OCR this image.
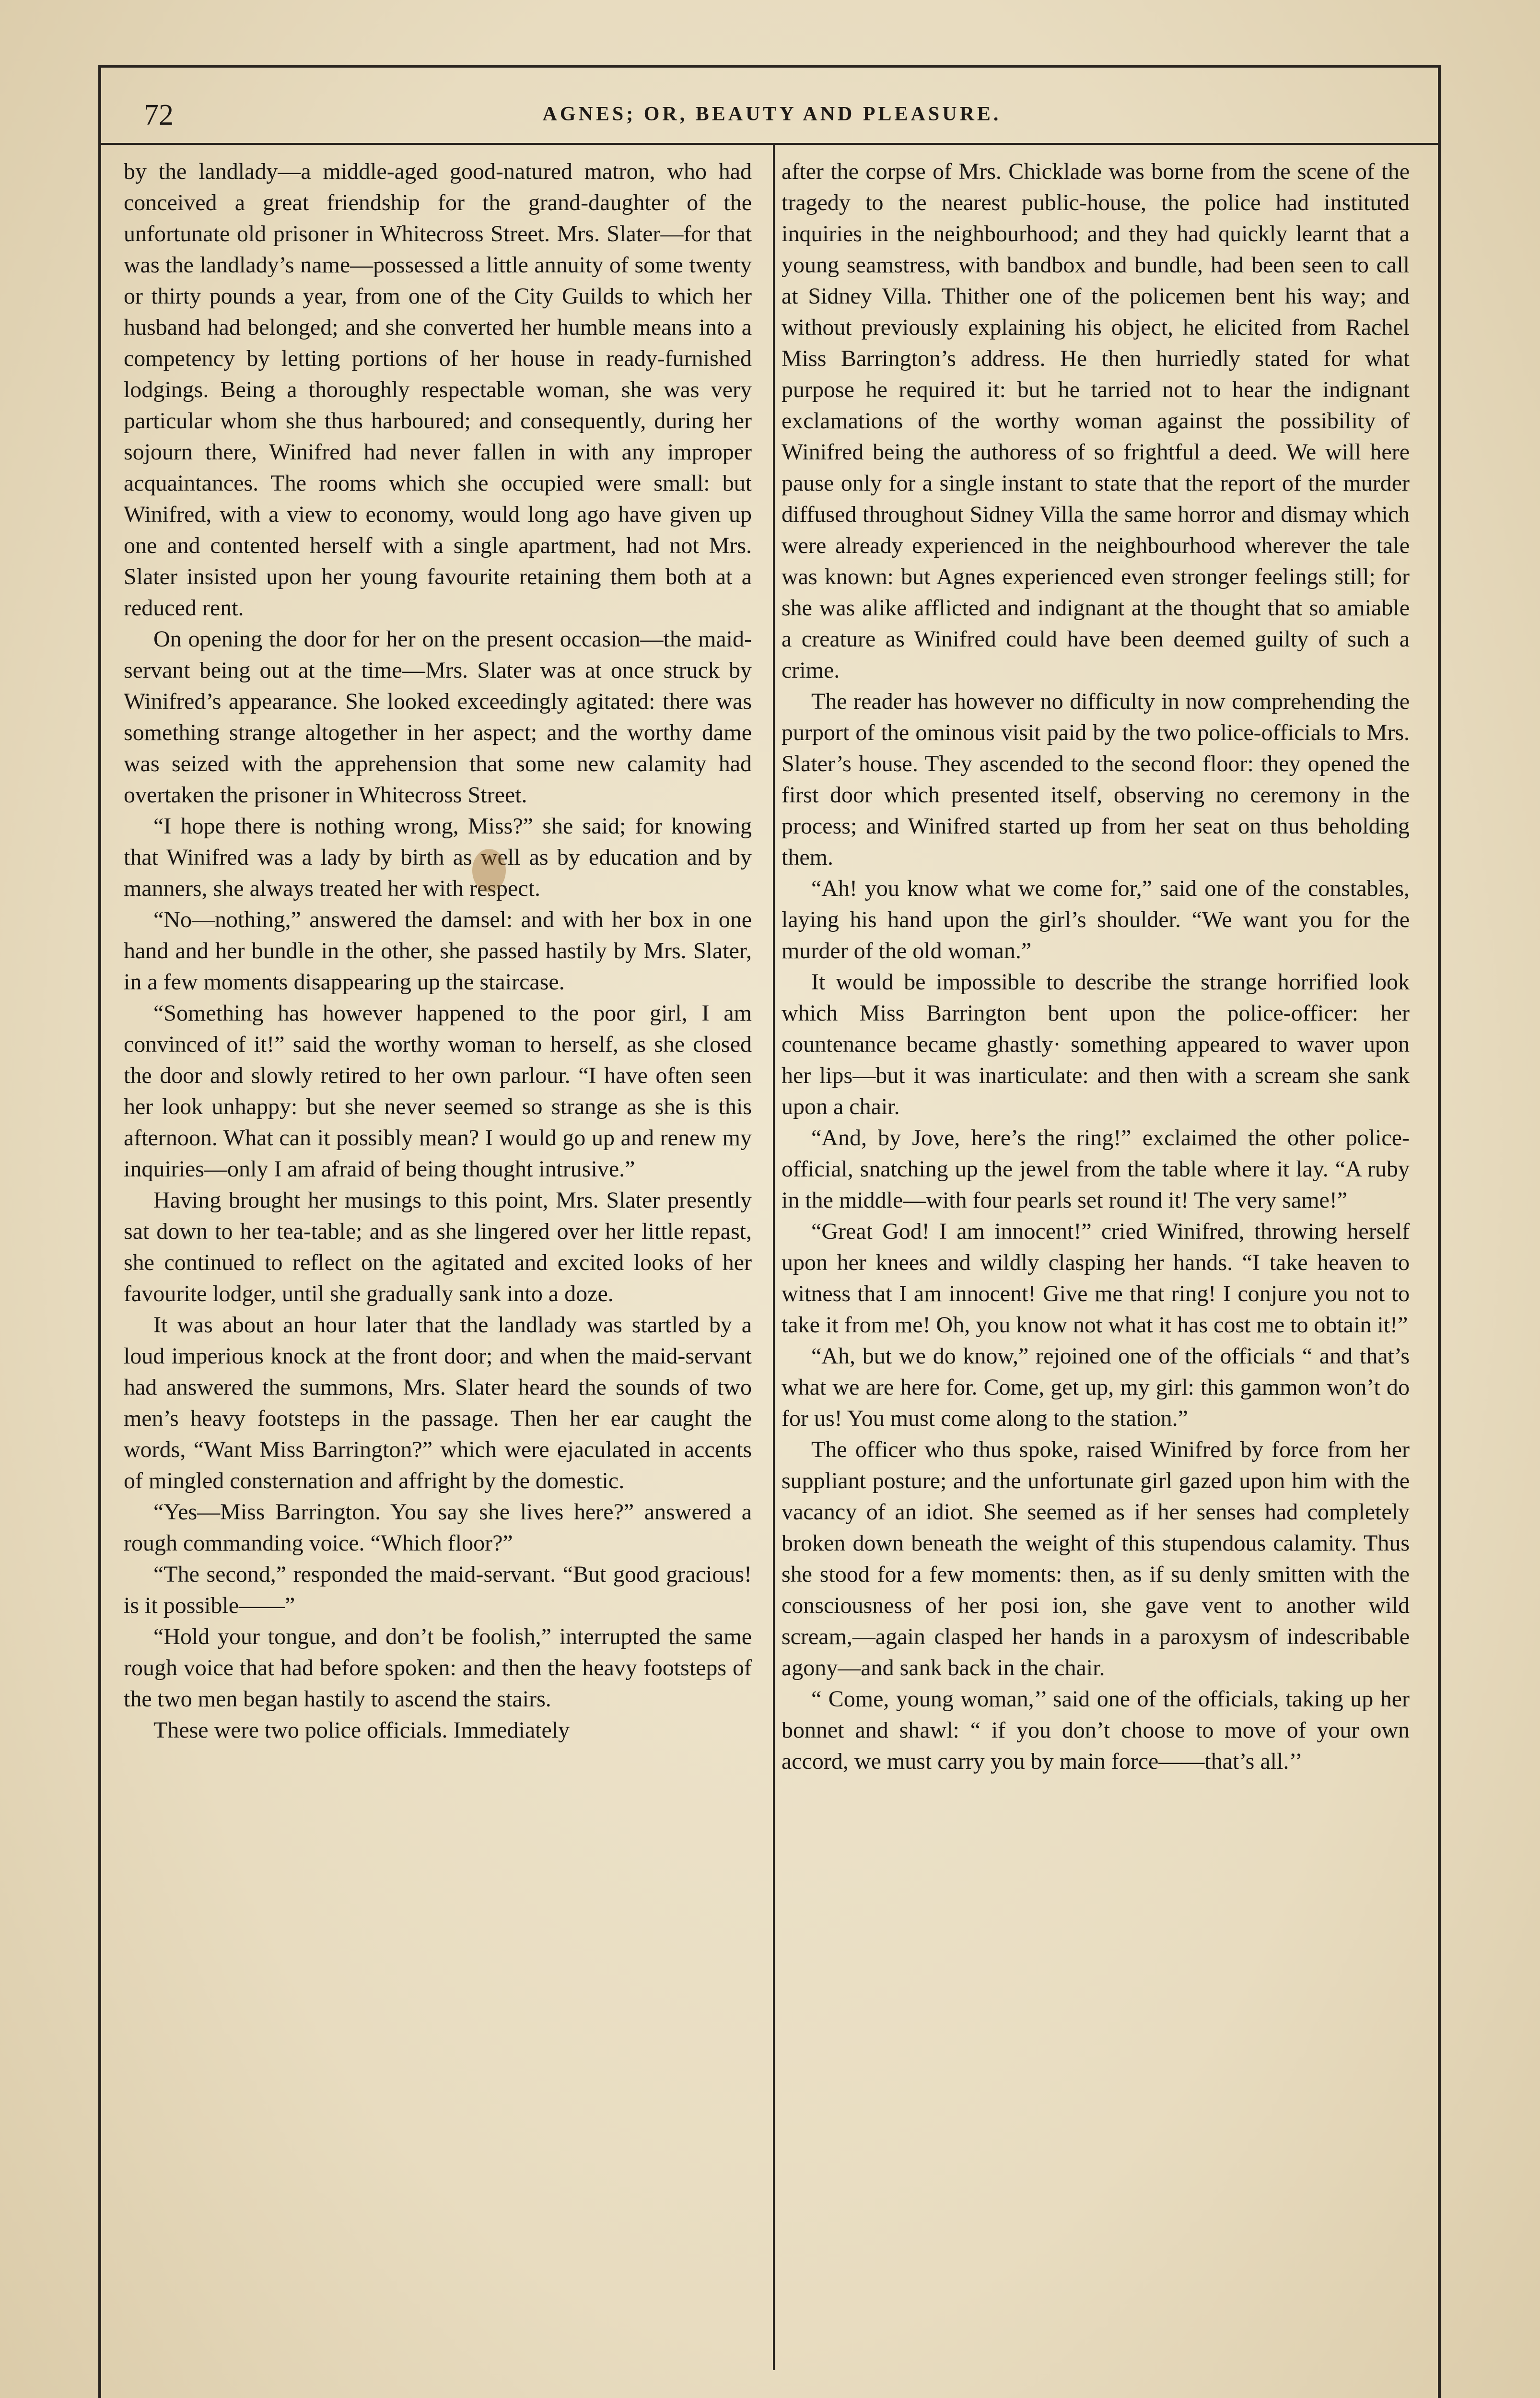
72	AGNES; OR, BEAUTY AND PLEASURE.

by the landlady—a middle-aged good-natured matron, who had conceived a great friendship for the grand-daughter of the unfortunate old prisoner in Whitecross Street. Mrs. Slater—for that was the landlady’s name—possessed a little annuity of some twenty or thirty pounds a year, from one of the City Guilds to which her husband had belonged; and she converted her humble means into a competency by letting portions of her house in ready-furnished lodgings. Being a thoroughly respectable woman, she was very particular whom she thus harboured; and consequently, during her sojourn there, Winifred had never fallen in with any improper acquaintances. The rooms which she occupied were small: but Winifred, with a view to economy, would long ago have given up one and contented herself with a single apartment, had not Mrs. Slater insisted upon her young favourite retaining them both at a reduced rent.

On opening the door for her on the present occasion—the maid-servant being out at the time—Mrs. Slater was at once struck by Winifred’s appearance. She looked exceedingly agitated: there was something strange altogether in her aspect; and the worthy dame was seized with the apprehension that some new calamity had overtaken the prisoner in Whitecross Street.

“I hope there is nothing wrong, Miss?” she said; for knowing that Winifred was a lady by birth as well as by education and by manners, she always treated her with respect.

“No—nothing,” answered the damsel: and with her box in one hand and her bundle in the other, she passed hastily by Mrs. Slater, in a few moments disappearing up the staircase.

“Something has however happened to the poor girl, I am convinced of it!” said the worthy woman to herself, as she closed the door and slowly retired to her own parlour. “I have often seen her look unhappy: but she never seemed so strange as she is this afternoon. What can it possibly mean? I would go up and renew my inquiries—only I am afraid of being thought intrusive.”

Having brought her musings to this point, Mrs. Slater presently sat down to her tea-table; and as she lingered over her little repast, she continued to reflect on the agitated and excited looks of her favourite lodger, until she gradually sank into a doze.

It was about an hour later that the landlady was startled by a loud imperious knock at the front door; and when the maid-servant had answered the summons, Mrs. Slater heard the sounds of two men’s heavy footsteps in the passage. Then her ear caught the words, “Want Miss Barrington?” which were ejaculated in accents of mingled consternation and affright by the domestic.

“Yes—Miss Barrington. You say she lives here?” answered a rough commanding voice. “Which floor?”

“The second,” responded the maid-servant. “But good gracious! is it possible——”

“Hold your tongue, and don’t be foolish,” interrupted the same rough voice that had before spoken: and then the heavy footsteps of the two men began hastily to ascend the stairs.

These were two police officials. Immediately

after the corpse of Mrs. Chicklade was borne from the scene of the tragedy to the nearest public-house, the police had instituted inquiries in the neighbourhood; and they had quickly learnt that a young seamstress, with bandbox and bundle, had been seen to call at Sidney Villa. Thither one of the policemen bent his way; and without previously explaining his object, he elicited from Rachel Miss Barrington’s address. He then hurriedly stated for what purpose he required it: but he tarried not to hear the indignant exclamations of the worthy woman against the possibility of Winifred being the authoress of so frightful a deed. We will here pause only for a single instant to state that the report of the murder diffused throughout Sidney Villa the same horror and dismay which were already experienced in the neighbourhood wherever the tale was known: but Agnes experienced even stronger feelings still; for she was alike afflicted and indignant at the thought that so amiable a creature as Winifred could have been deemed guilty of such a crime.

The reader has however no difficulty in now comprehending the purport of the ominous visit paid by the two police-officials to Mrs. Slater’s house. They ascended to the second floor: they opened the first door which presented itself, observing no ceremony in the process; and Winifred started up from her seat on thus beholding them.

“Ah! you know what we come for,” said one of the constables, laying his hand upon the girl’s shoulder. “We want you for the murder of the old woman.”

It would be impossible to describe the strange horrified look which Miss Barrington bent upon the police-officer: her countenance became ghastly· something appeared to waver upon her lips—but it was inarticulate: and then with a scream she sank upon a chair.

“And, by Jove, here’s the ring!” exclaimed the other police-official, snatching up the jewel from the table where it lay. “A ruby in the middle—with four pearls set round it! The very same!”

“Great God! I am innocent!” cried Winifred, throwing herself upon her knees and wildly clasping her hands. “I take heaven to witness that I am innocent! Give me that ring! I conjure you not to take it from me! Oh, you know not what it has cost me to obtain it!”

“Ah, but we do know,” rejoined one of the officials “ and that’s what we are here for. Come, get up, my girl: this gammon won’t do for us! You must come along to the station.”

The officer who thus spoke, raised Winifred by force from her suppliant posture; and the unfortunate girl gazed upon him with the vacancy of an idiot. She seemed as if her senses had completely broken down beneath the weight of this stupendous calamity. Thus she stood for a few moments: then, as if su denly smitten with the consciousness of her posi ion, she gave vent to another wild scream,—again clasped her hands in a paroxysm of indescribable agony—and sank back in the chair.

“ Come, young woman,’’ said one of the officials, taking up her bonnet and shawl: “ if you don’t choose to move of your own accord, we must carry you by main force——that’s all.’’
